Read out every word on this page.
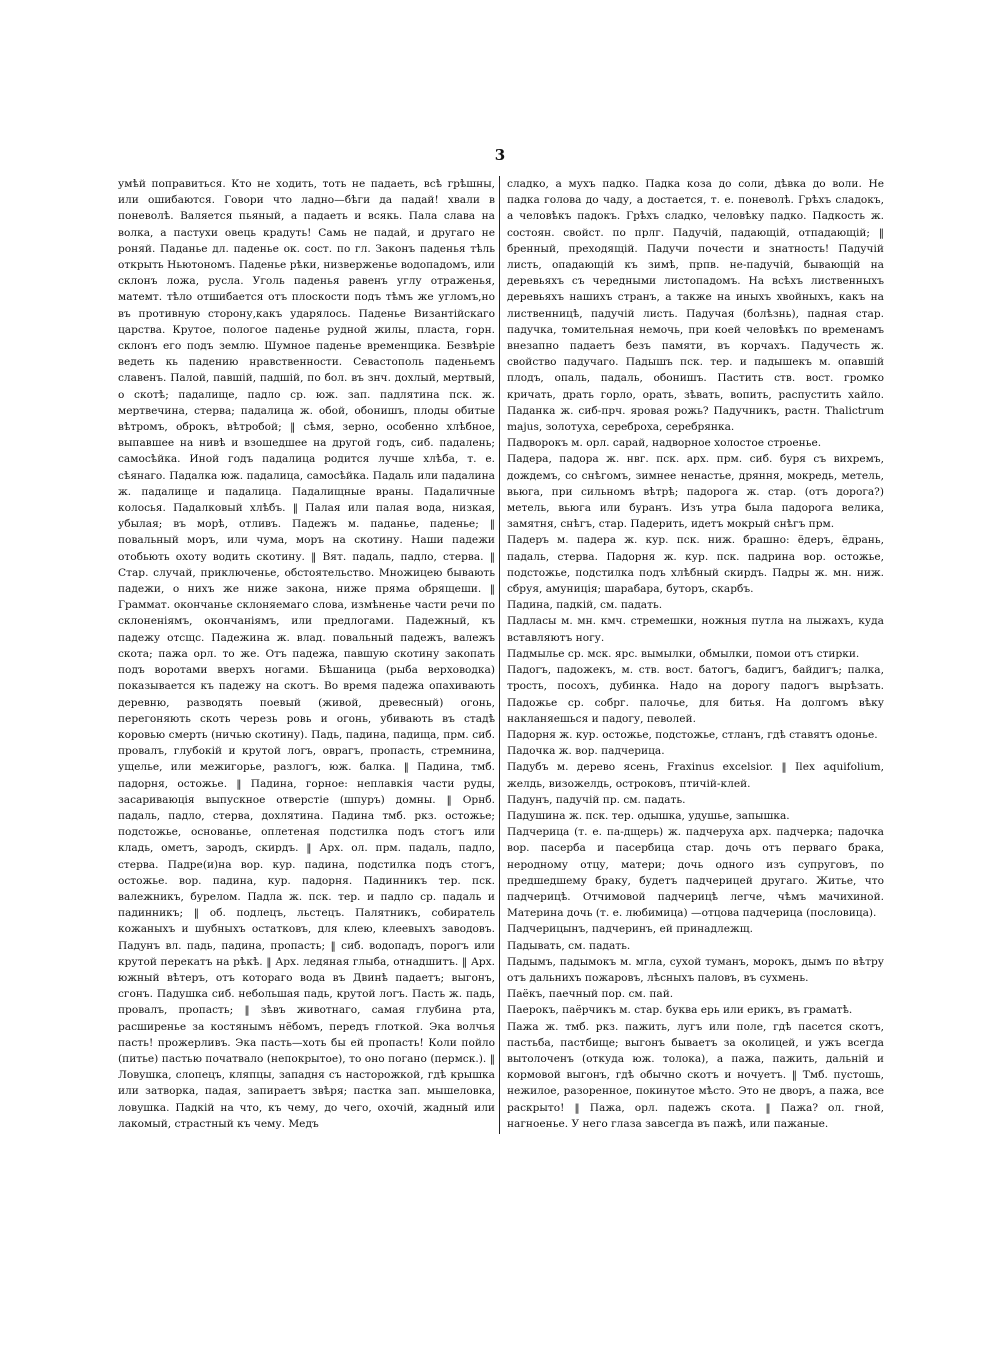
3

умѣй поправиться. Кто не ходить, тоть не падаеть, всѣ грѣшны, или ошибаются. Говори что ладно—бѣги да падай! хвали в поневолѣ. Валяется пьяный, а падаеть и всякь. Пала слава на волка, а пастухи овець крадуть! Самь не падай, и другаго не роняй. Паданье дл. паденье ок. сост. по гл. Законъ паденья тѣль открыть Ньютономъ. Паденье рѣки, низверженье водопадомъ, или склонъ ложа, русла. Уголь паденья равенъ углу отраженья, матемт. тѣло отшибается отъ плоскости подъ тѣмъ же угломъ,но въ противную сторону,какъ ударялось. Паденье Византійскаго царства. Крутое, пологое паденье рудной жилы, пласта, горн. склонъ его подъ землю. Шумное паденье временщика. Безвѣріе ведеть кь падению нравственности. Севастополь паденьемъ славенъ. Палой, павшій, падшій, по бол. въ знч. дохлый, мертвый, о скотѣ; падалище, падло ср. юж. зап. падлятина пск. ж. мертвечина, стерва; падалица ж. обой, обонишъ, плоды обитые вѣтромъ, оброкъ, вѣтробой; ‖ сѣмя, зерно, особенно хлѣбное, выпавшее на нивѣ и взошедшее на другой годъ, сиб. падалень; самосѣйка. Иной годъ падалица родится лучше хлѣба, т. е. сѣянаго. Падалка юж. падалица, самосѣйка. Падаль или падалина ж. падалище и падалица. Падалищные враны. Падаличные колосья. Падалковый хлѣбъ. ‖ Палая или палая вода, низкая, убылая; въ морѣ, отливъ. Падежъ м. паданье, паденье; ‖ повальный моръ, или чума, моръ на скотину. Наши падежи отобьють охоту водить скотину. ‖ Вят. падаль, падло, стерва. ‖ Стар. случай, приключенье, обстоятельство. Множицею бывають падежи, о нихъ же ниже закона, ниже пряма обрящеши. ‖ Граммат. окончанье склоняемаго слова, измѣненье части речи по склоненіямъ, окончаніямъ, или предлогами. Падежный, къ падежу отсщс. Падежина ж. влад. повальный падежъ, валежъ скота; пажа орл. то же. Отъ падежа, павшую скотину закопать подъ воротами вверхъ ногами. Бѣшаница (рыба верховодка) показывается къ падежу на скотъ. Во время падежа опахивають деревню, разводять поевый (живой, древесный) огонь, перегоняють скоть черезь ровь и огонь, убивають въ стадѣ коровью смерть (ничью скотину). Падь, падина, падища, прм. сиб. провалъ, глубокій и крутой логъ, оврагъ, пропасть, стремнина, ущелье, или межигорье, разлогъ, юж. балка. ‖ Падина, тмб. падорня, остожье. ‖ Падина, горное: неплавкія части руды, засариваюція выпускное отверстіе (шпуръ) домны. ‖ Орнб. падаль, падло, стерва, дохлятина. Падина тмб. ркз. остожье; подстожье, основанье, оплетеная подстилка подъ стогъ или кладь, ометъ, зародъ, скирдъ. ‖ Арх. ол. прм. падаль, падло, стерва. Падре(и)на вор. кур. падина, подстилка подъ стогъ, остожье. вор. падина, кур. падорня. Падинникъ тер. пск. валежникъ, бурелом. Падла ж. пск. тер. и падло ср. падаль и падинникъ; ‖ об. подлецъ, льстецъ. Палятникъ, собиратель кожаныхъ и шубныхъ остатковъ, для клею, клеевыхъ заводовъ. Падунъ вл. падь, падина, пропасть; ‖ сиб. водопадъ, порогъ или крутой перекатъ на рѣкѣ. ‖ Арх. ледяная глыба, отнадшитъ. ‖ Арх. южный вѣтеръ, отъ котораго вода въ Двинѣ падаетъ; выгонъ, сгонъ. Падушка сиб. небольшая падь, крутой логъ. Пасть ж. падь, провалъ, пропасть; ‖ зѣвъ животнаго, самая глубина рта, расширенье за костянымъ нёбомъ, передъ глоткой. Эка волчья пасть! прожерливъ. Эка пасть—хоть бы ей пропасть! Коли пойло (питье) пастью початвало (непокрытое), то оно погано (пермск.). ‖ Ловушка, слопецъ, кляпцы, западня съ насторожкой, гдѣ крышка или затворка, падая, запираетъ звѣря; пастка зап. мышеловка, ловушка. Падкій на что, къ чему, до чего, охочій, жадный или лакомый, страстный къ чему. Медъ

сладко, а мухъ падко. Падка коза до соли, дѣвка до воли. Не падка голова до чаду, а достается, т. е. поневолѣ. Грѣхъ сладокъ, а человѣкъ падокъ. Грѣхъ сладко, человѣку падко. Падкость ж. состоян. свойст. по прлг. Падучій, падающій, отпадающій; ‖ бренный, преходящій. Падучи почести и знатность! Падучій листь, опадающій къ зимѣ, прпв. не-падучій, бывающій на деревьяхъ съ чередными листопадомъ. На всѣхъ лиственныхъ деревьяхъ нашихъ странъ, а также на иныхъ хвойныхъ, какъ на лиственницѣ, падучій листь. Падучая (болѣзнь), падная стар. падучка, томительная немочь, при коей человѣкъ по временамъ внезапно падаетъ безъ памяти, въ корчахъ. Падучесть ж. свойство падучаго. Падышъ пск. тер. и падышекъ м. опавшій плодъ, опаль, падаль, обонишъ. Пастить ств. вост. громко кричать, драть горло, орать, зѣвать, вопить, распустить хайло. Паданка ж. сиб-прч. яровая рожь? Падучникъ, растн. Thalictrum majus, золотуха, сереброха, серебрянка.

Падворокъ м. орл. сарай, надворное холостое строенье.

Падера, падора ж. нвг. пск. арх. прм. сиб. буря съ вихремъ, дождемъ, со снѣгомъ, зимнее ненастье, дряння, мокредь, метель, вьюга, при сильномъ вѣтрѣ; падорога ж. стар. (отъ дорога?) метель, вьюга или буранъ. Изъ утра была падорога велика, замятня, снѣгъ, стар. Падерить, идетъ мокрый снѣгъ прм.

Падеръ м. падера ж. кур. пск. ниж. брашно: ёдеръ, ёдрань, падаль, стерва. Падорня ж. кур. пск. падрина вор. остожье, подстожье, подстилка подъ хлѣбный скирдъ. Падры ж. мн. ниж. сбруя, амуниція; шарабара, буторъ, скарбъ.

Падина, падкій, см. падать.

Падласы м. мн. кмч. стремешки, ножныя путла на лыжахъ, куда вставляютъ ногу.

Падмылье ср. мск. ярс. вымылки, обмылки, помои отъ стирки.

Падогъ, падожекъ, м. ств. вост. батогъ, бадигъ, байдигъ; палка, трость, посохъ, дубинка. Надо на дорогу падогъ вырѣзать. Падожье ср. собрг. палочье, для битья. На долгомъ вѣку накланяешься и падогу, певолей.

Падорня ж. кур. остожье, подстожье, стланъ, гдѣ ставятъ одонье.

Падочка ж. вор. падчерица.

Падубъ м. дерево ясень, Fraxinus excelsior. ‖ Ilex aquifolium, желдь, визожелдь, остроковъ, птичій-клей.

Падунъ, падучій пр. см. падать.

Падушина ж. пск. тер. одышка, удушье, запышка.

Падчерица (т. е. па-дщерь) ж. падчеруха арх. падчерка; падочка вор. пасерба и пасербица стар. дочь отъ перваго брака, неродному отцу, матери; дочь одного изъ супруговъ, по предшедшему браку, будетъ падчерицей другаго. Житье, что падчерицѣ. Отчимовой падчерицѣ легче, чѣмъ мачихиной. Материна дочь (т. е. любимица) —отцова падчерица (пословица).

Падчерицынъ, падчеринъ, ей принадлежщ.

Падывать, см. падать.

Падымъ, падымокъ м. мгла, сухой туманъ, морокъ, дымъ по вѣтру отъ дальнихъ пожаровъ, лѣсныхъ паловъ, въ сухмень.

Паёкъ, паечный пор. см. пай.

Паерокъ, паёрчикъ м. стар. буква ерь или ерикъ, въ граматѣ.

Пажа ж. тмб. ркз. пажить, лугъ или поле, гдѣ пасется скотъ, пастьба, пастбище; выгонъ бываетъ за околицей, и ужъ всегда вытолоченъ (откуда юж. толока), а пажа, пажить, дальній и кормовой выгонъ, гдѣ обычно скотъ и ночуетъ. ‖ Тмб. пустошь, нежилое, разоренное, покинутое мѣсто. Это не дворъ, а пажа, все раскрыто! ‖ Пажа, орл. падежъ скота. ‖ Пажа? ол. гной, нагноенье. У него глаза завсегда въ пажѣ, или пажаные.
